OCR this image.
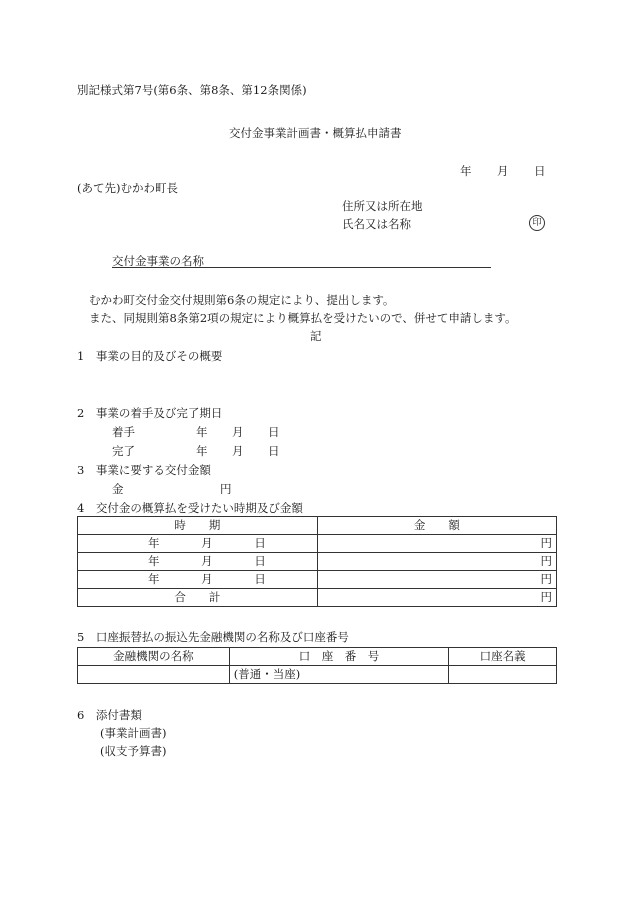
別記様式第7号(第6条、第8条、第12条関係)
交付金事業計画書・概算払申請書
年 月 日
(あて先)むかわ町長
住所又は所在地
氏名又は名称	印
交付金事業の名称
むかわ町交付金交付規則第6条の規定により、提出します。
また、同規則第8条第2項の規定により概算払を受けたいので、併せて申請します。
記
1　事業の目的及びその概要
2　事業の着手及び完了期日
着手	年 月 日
完了	年 月 日
3　事業に要する交付金額
金	円
4　交付金の概算払を受けたい時期及び金額
時　　期	金　　額
年 月 日	円
年 月 日	円
年 月 日	円
合　　計	円
5　口座振替払の振込先金融機関の名称及び口座番号
金融機関の名称	口　座　番　号	口座名義
	(普通・当座)	
6　添付書類
(事業計画書)
(収支予算書)
